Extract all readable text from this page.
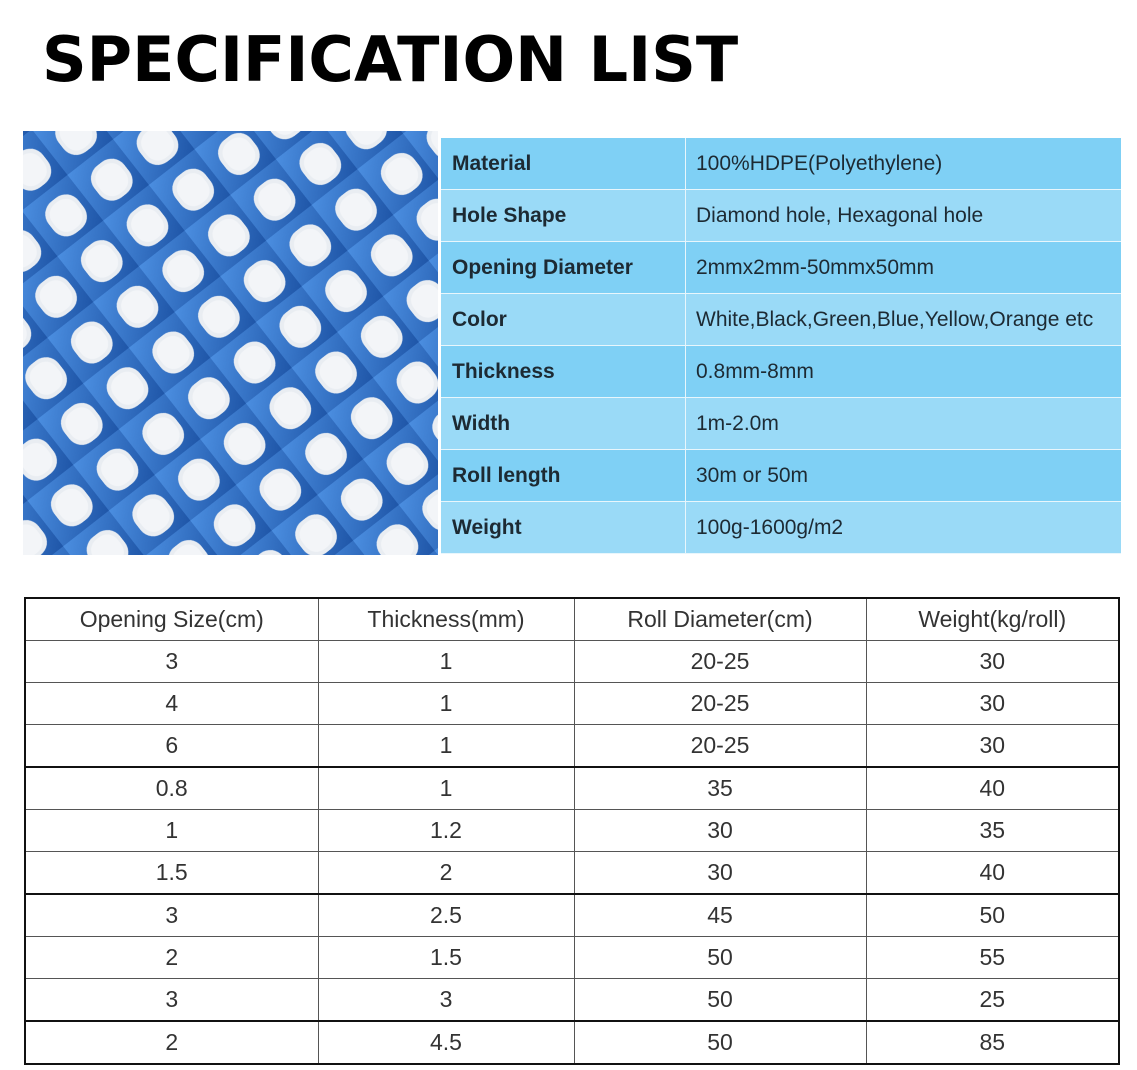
SPECIFICATION LIST
Material	100%HDPE(Polyethylene)
Hole Shape	Diamond hole, Hexagonal hole
Opening Diameter	2mmx2mm-50mmx50mm
Color	White,Black,Green,Blue,Yellow,Orange etc
Thickness	0.8mm-8mm
Width	1m-2.0m
Roll length	30m or 50m
Weight	100g-1600g/m2
Opening Size(cm)	Thickness(mm)	Roll Diameter(cm)	Weight(kg/roll)
3	1	20-25	30
4	1	20-25	30
6	1	20-25	30
0.8	1	35	40
1	1.2	30	35
1.5	2	30	40
3	2.5	45	50
2	1.5	50	55
3	3	50	25
2	4.5	50	85
